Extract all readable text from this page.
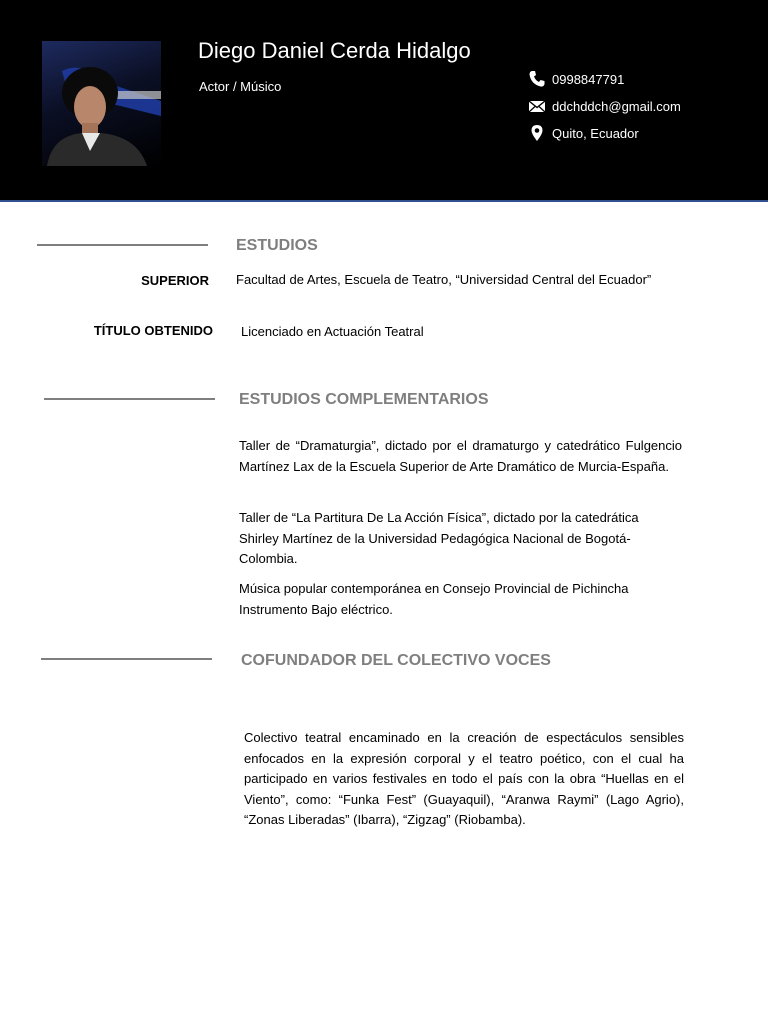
Diego Daniel Cerda Hidalgo
Actor / Músico	0998847791
ddchddch@gmail.com
Quito, Ecuador
ESTUDIOS
SUPERIOR Facultad de Artes, Escuela de Teatro, “Universidad Central del Ecuador”
TÍTULO OBTENIDO Licenciado en Actuación Teatral
ESTUDIOS COMPLEMENTARIOS

Taller de “Dramaturgia”, dictado por el dramaturgo y catedrático Fulgencio Martínez Lax de la Escuela Superior de Arte Dramático de Murcia-España.

Taller de “La Partitura De La Acción Física”, dictado por la catedrática Shirley Martínez de la Universidad Pedagógica Nacional de Bogotá-Colombia.

Música popular contemporánea en Consejo Provincial de Pichincha Instrumento Bajo eléctrico.

COFUNDADOR DEL COLECTIVO VOCES

Colectivo teatral encaminado en la creación de espectáculos sensibles enfocados en la expresión corporal y el teatro poético, con el cual ha participado en varios festivales en todo el país con la obra “Huellas en el Viento”, como: “Funka Fest” (Guayaquil), “Aranwa Raymi” (Lago Agrio), “Zonas Liberadas” (Ibarra), “Zigzag” (Riobamba).
